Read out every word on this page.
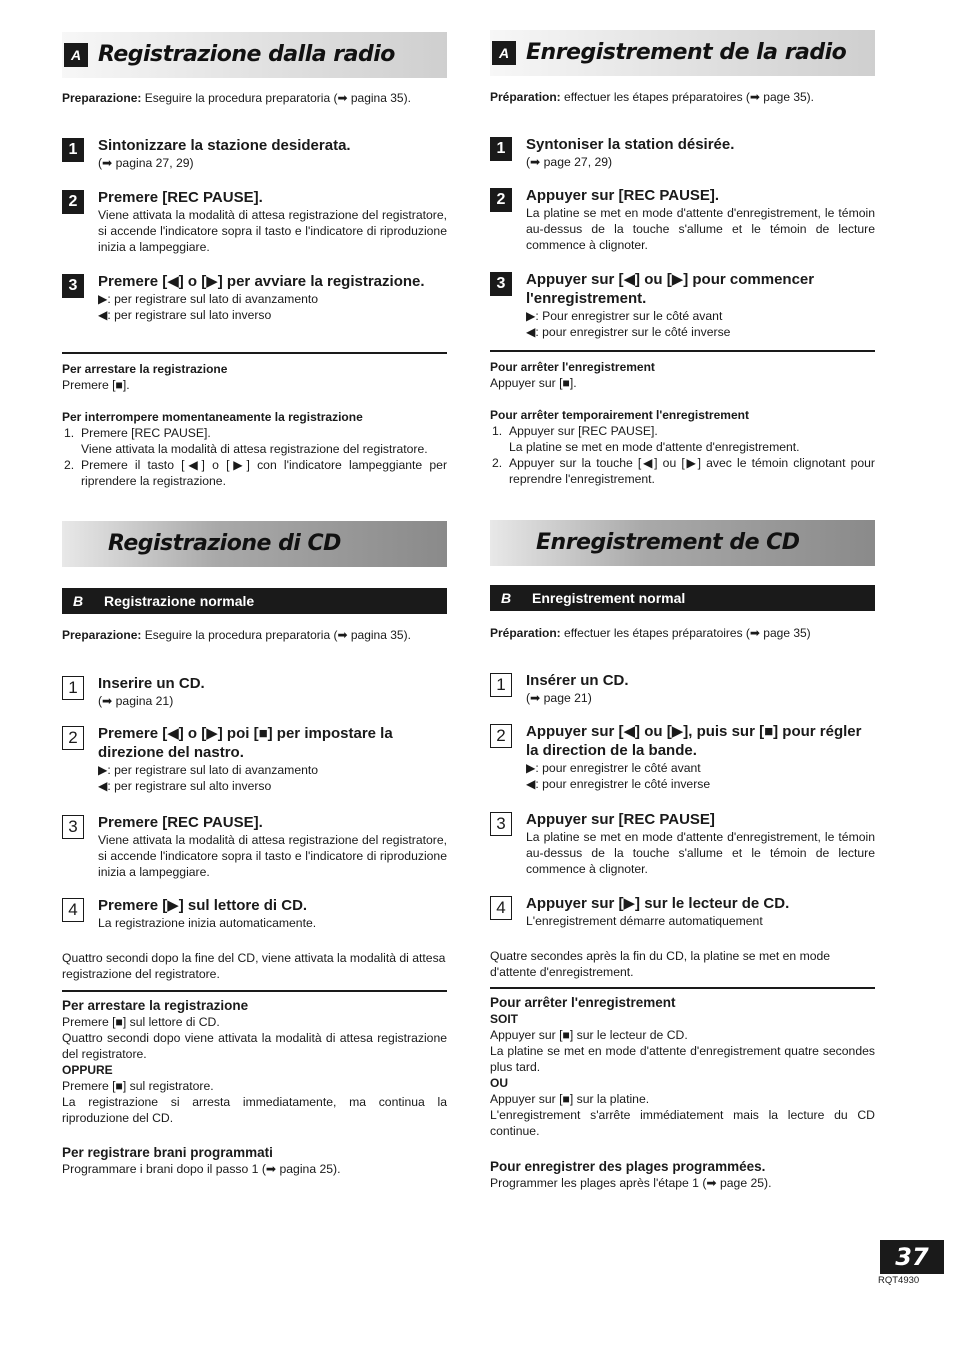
A Registrazione dalla radio
Preparazione: Eseguire la procedura preparatoria (➡ pagina 35).
1	Sintonizzare la stazione desiderata.
(➡ pagina 27, 29)
2	Premere [REC PAUSE].
Viene attivata la modalità di attesa registrazione del registratore, si accende l'indicatore sopra il tasto e l'indicatore di riproduzione inizia a lampeggiare.
3	Premere [◀] o [▶] per avviare la registrazione.
▶: per registrare sul lato di avanzamento
◀: per registrare sul lato inverso
Per arrestare la registrazione
Premere [■].
Per interrompere momentaneamente la registrazione
1. Premere [REC PAUSE].
Viene attivata la modalità di attesa registrazione del registratore.
2. Premere il tasto [◀] o [▶] con l'indicatore lampeggiante per riprendere la registrazione.
Registrazione di CD
B	Registrazione normale
Preparazione: Eseguire la procedura preparatoria (➡ pagina 35).
1	Inserire un CD.
(➡ pagina 21)
2	Premere [◀] o [▶] poi [■] per impostare la direzione del nastro.
▶: per registrare sul lato di avanzamento
◀: per registrare sul alto inverso
3	Premere [REC PAUSE].
Viene attivata la modalità di attesa registrazione del registratore, si accende l'indicatore sopra il tasto e l'indicatore di riproduzione inizia a lampeggiare.
4	Premere [▶] sul lettore di CD.
La registrazione inizia automaticamente.
Quattro secondi dopo la fine del CD, viene attivata la modalità di attesa registrazione del registratore.
Per arrestare la registrazione
Premere [■] sul lettore di CD.
Quattro secondi dopo viene attivata la modalità di attesa registrazione del registratore.
OPPURE
Premere [■] sul registratore.
La registrazione si arresta immediatamente, ma continua la riproduzione del CD.
Per registrare brani programmati
Programmare i brani dopo il passo 1 (➡ pagina 25).
A Enregistrement de la radio
Préparation: effectuer les étapes préparatoires (➡ page 35).
1	Syntoniser la station désirée.
(➡ page 27, 29)
2	Appuyer sur [REC PAUSE].
La platine se met en mode d'attente d'enregistrement, le témoin au-dessus de la touche s'allume et le témoin de lecture commence à clignoter.
3	Appuyer sur [◀] ou [▶] pour commencer l'enregistrement.
▶: Pour enregistrer sur le côté avant
◀: pour enregistrer sur le côté inverse
Pour arrêter l'enregistrement
Appuyer sur [■].
Pour arrêter temporairement l'enregistrement
1. Appuyer sur [REC PAUSE].
La platine se met en mode d'attente d'enregistrement.
2. Appuyer sur la touche [◀] ou [▶] avec le témoin clignotant pour reprendre l'enregistrement.
Enregistrement de CD
B	Enregistrement normal
Préparation: effectuer les étapes préparatoires (➡ page 35)
1	Insérer un CD.
(➡ page 21)
2	Appuyer sur [◀] ou [▶], puis sur [■] pour régler la direction de la bande.
▶: pour enregistrer le côté avant
◀: pour enregistrer le côté inverse
3	Appuyer sur [REC PAUSE]
La platine se met en mode d'attente d'enregistrement, le témoin au-dessus de la touche s'allume et le témoin de lecture commence à clignoter.
4	Appuyer sur [▶] sur le lecteur de CD.
L'enregistrement démarre automatiquement
Quatre secondes après la fin du CD, la platine se met en mode d'attente d'enregistrement.
Pour arrêter l'enregistrement
SOIT
Appuyer sur [■] sur le lecteur de CD.
La platine se met en mode d'attente d'enregistrement quatre secondes plus tard.
OU
Appuyer sur [■] sur la platine.
L'enregistrement s'arrête immédiatement mais la lecture du CD continue.
Pour enregistrer des plages programmées.
Programmer les plages après l'étape 1 (➡ page 25).
37
RQT4930
